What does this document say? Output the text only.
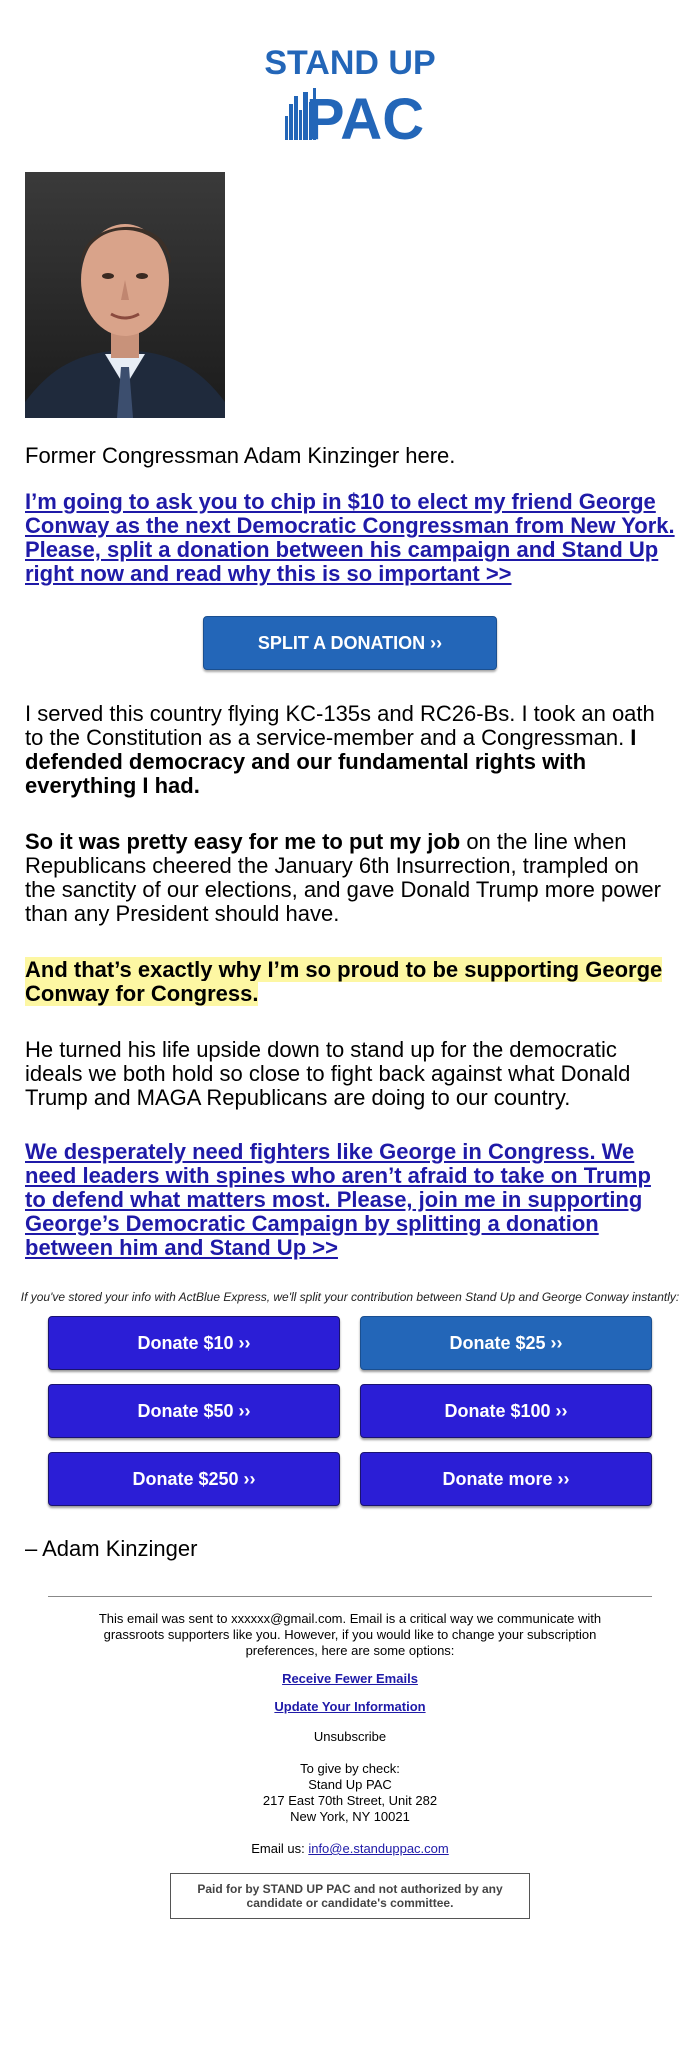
STAND UP
PAC

Former Congressman Adam Kinzinger here.

I’m going to ask you to chip in $10 to elect my friend George Conway as the next Democratic Congressman from New York. Please, split a donation between his campaign and Stand Up right now and read why this is so important >>
SPLIT A DONATION ››

I served this country flying KC-135s and RC26-Bs. I took an oath to the Constitution as a service-member and a Congressman. I defended democracy and our fundamental rights with everything I had.

So it was pretty easy for me to put my job on the line when Republicans cheered the January 6th Insurrection, trampled on the sanctity of our elections, and gave Donald Trump more power than any President should have.

And that’s exactly why I’m so proud to be supporting George Conway for Congress.

He turned his life upside down to stand up for the democratic ideals we both hold so close to fight back against what Donald Trump and MAGA Republicans are doing to our country.

We desperately need fighters like George in Congress. We need leaders with spines who aren’t afraid to take on Trump to defend what matters most. Please, join me in supporting George’s Democratic Campaign by splitting a donation between him and Stand Up >>
If you've stored your info with ActBlue Express, we'll split your contribution between Stand Up and George Conway instantly:
Donate $10 ››	Donate $25 ››
Donate $50 ››	Donate $100 ››
Donate $250 ››	Donate more ››
– Adam Kinzinger
This email was sent to xxxxxx@gmail.com. Email is a critical way we communicate with grassroots supporters like you. However, if you would like to change your subscription preferences, here are some options:
Receive Fewer Emails
Update Your Information
Unsubscribe
To give by check:
Stand Up PAC
217 East 70th Street, Unit 282
New York, NY 10021
Email us: info@e.standuppac.com
Paid for by STAND UP PAC and not authorized by any candidate or candidate's committee.
